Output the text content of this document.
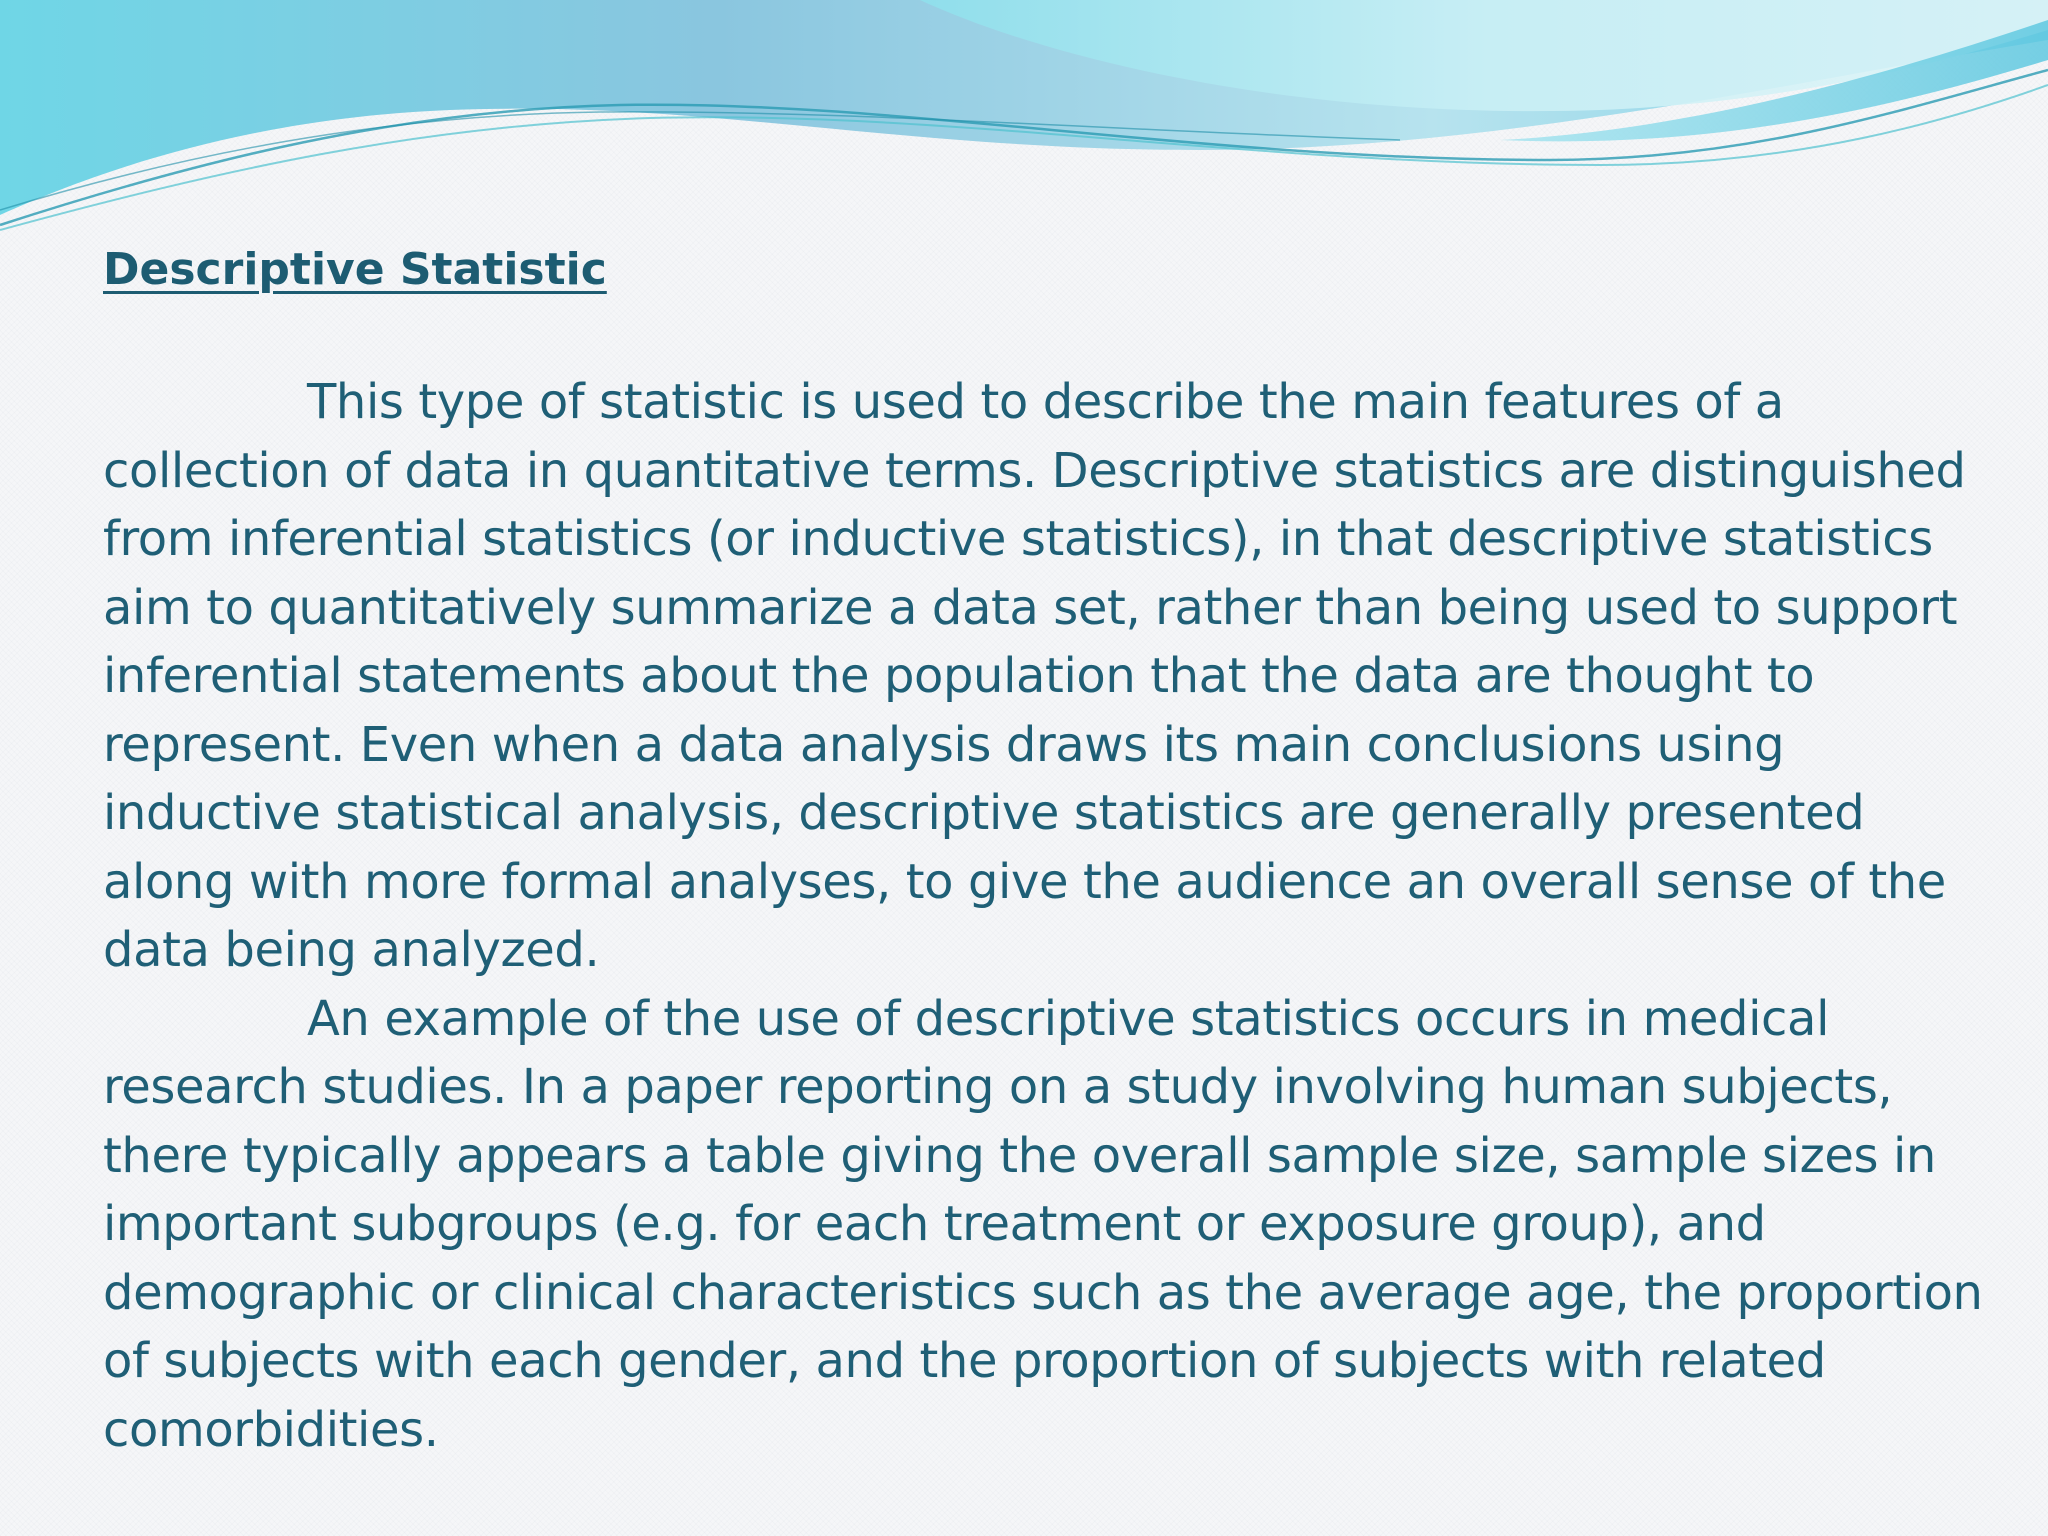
Descriptive Statistic

This type of statistic is used to describe the main features of a collection of data in quantitative terms. Descriptive statistics are distinguished from inferential statistics (or inductive statistics), in that descriptive statistics aim to quantitatively summarize a data set, rather than being used to support inferential statements about the population that the data are thought to represent. Even when a data analysis draws its main conclusions using inductive statistical analysis, descriptive statistics are generally presented along with more formal analyses, to give the audience an overall sense of the data being analyzed.

An example of the use of descriptive statistics occurs in medical research studies. In a paper reporting on a study involving human subjects, there typically appears a table giving the overall sample size, sample sizes in important subgroups (e.g. for each treatment or exposure group), and demographic or clinical characteristics such as the average age, the proportion of subjects with each gender, and the proportion of subjects with related comorbidities.
